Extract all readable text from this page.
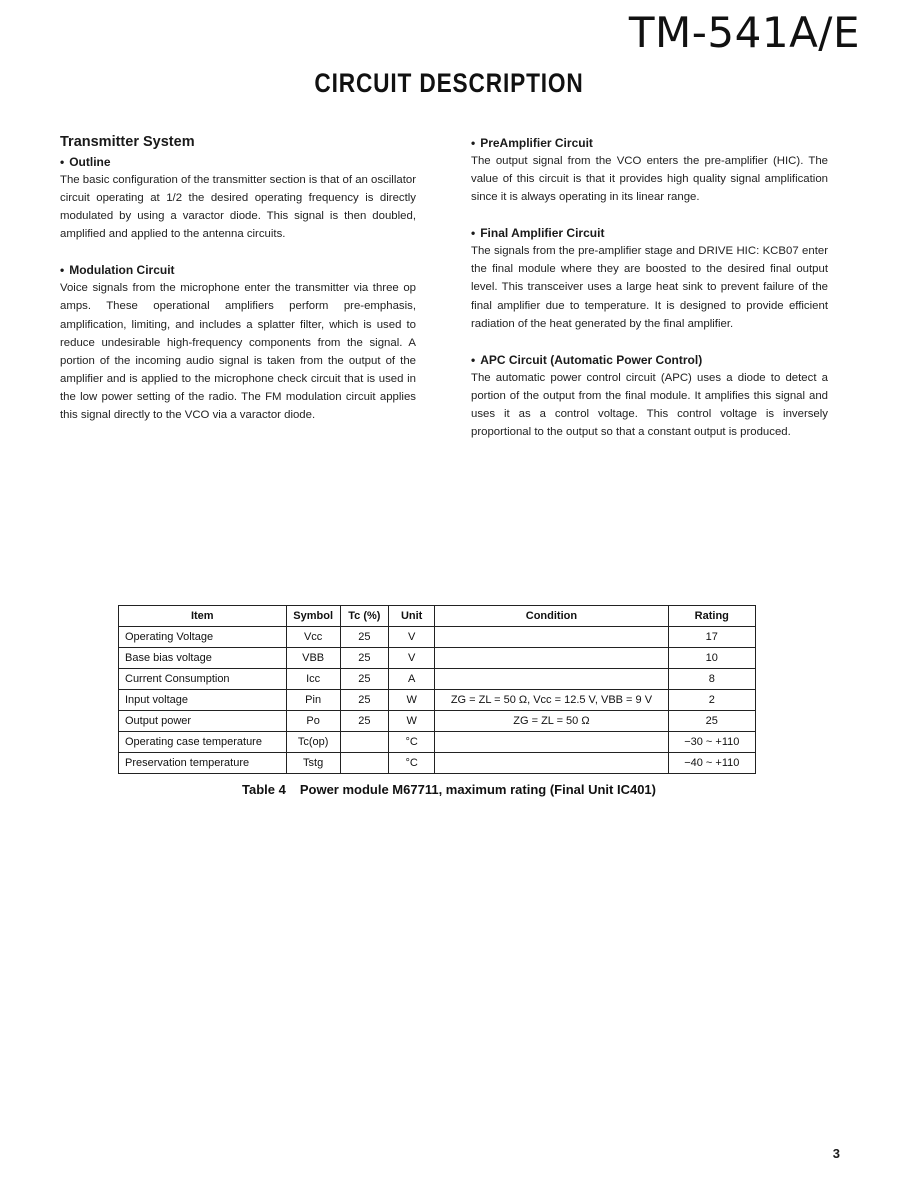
TM-541A/E
CIRCUIT DESCRIPTION
Transmitter System
• Outline

The basic configuration of the transmitter section is that of an oscillator circuit operating at 1/2 the desired operating frequency is directly modulated by using a varactor diode. This signal is then doubled, amplified and applied to the antenna circuits.

• Modulation Circuit

Voice signals from the microphone enter the transmitter via three op amps. These operational amplifiers perform pre-emphasis, amplification, limiting, and includes a splatter filter, which is used to reduce undesirable high-frequency components from the signal. A portion of the incoming audio signal is taken from the output of the amplifier and is applied to the microphone check circuit that is used in the low power setting of the radio. The FM modulation circuit applies this signal directly to the VCO via a varactor diode.

• PreAmplifier Circuit

The output signal from the VCO enters the pre-amplifier (HIC). The value of this circuit is that it provides high quality signal amplification since it is always operating in its linear range.

• Final Amplifier Circuit

The signals from the pre-amplifier stage and DRIVE HIC: KCB07 enter the final module where they are boosted to the desired final output level. This transceiver uses a large heat sink to prevent failure of the final amplifier due to temperature. It is designed to provide efficient radiation of the heat generated by the final amplifier.

• APC Circuit (Automatic Power Control)

The automatic power control circuit (APC) uses a diode to detect a portion of the output from the final module. It amplifies this signal and uses it as a control voltage. This control voltage is inversely proportional to the output so that a constant output is produced.

Item	Symbol	Tc (%)	Unit	Condition	Rating
Operating Voltage	Vcc	25	V		17
Base bias voltage	VBB	25	V		10
Current Consumption	Icc	25	A		8
Input voltage	Pin	25	W	ZG = ZL = 50 Ω, Vcc = 12.5 V, VBB = 9 V	2
Output power	Po	25	W	ZG = ZL = 50 Ω	25
Operating case temperature	Tc(op)		°C		−30 ~ +110
Preservation temperature	Tstg		°C		−40 ~ +110
Table 4 Power module M67711, maximum rating (Final Unit IC401)
3
